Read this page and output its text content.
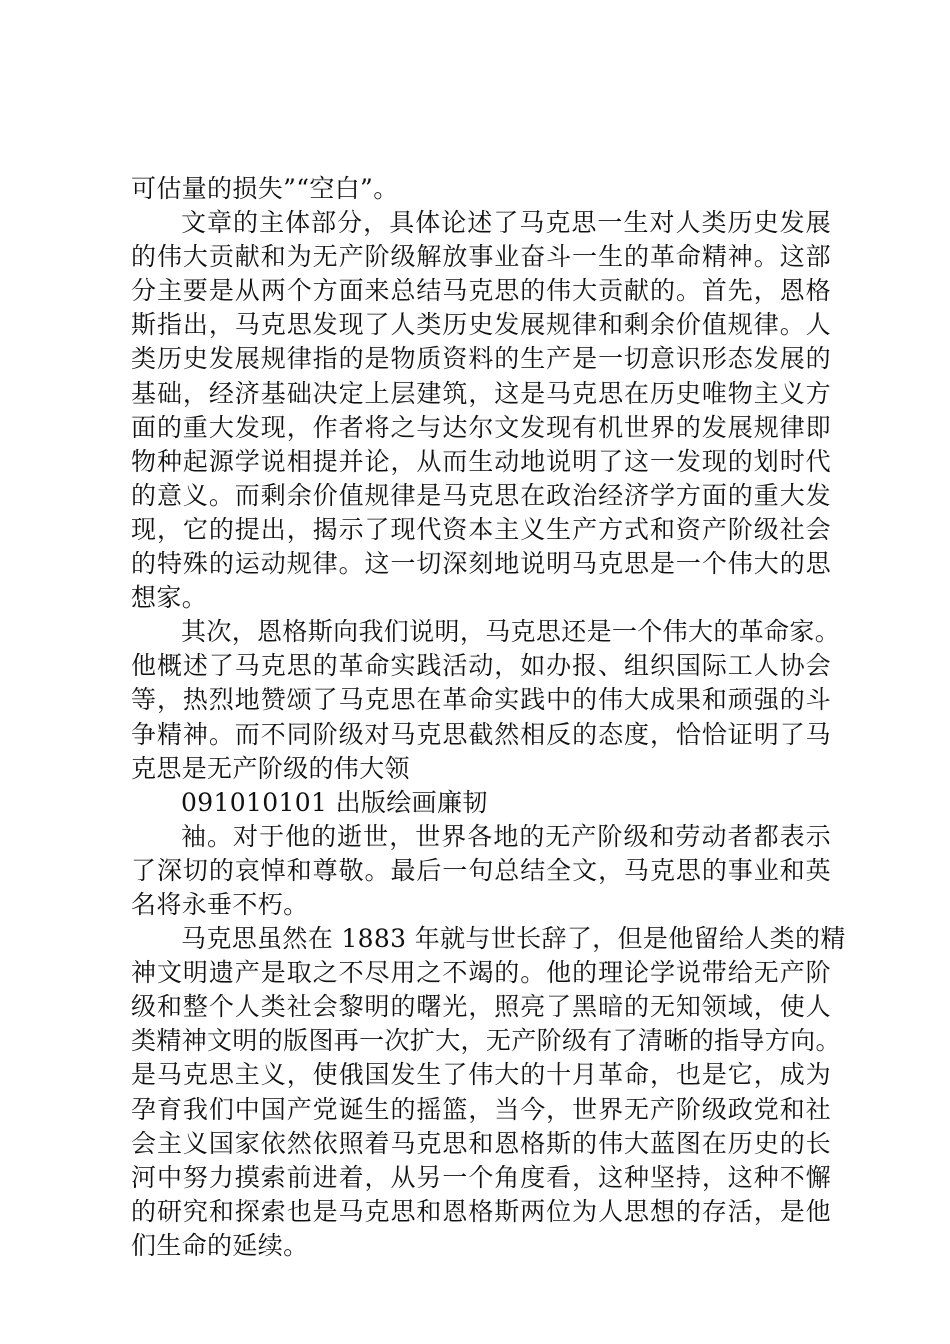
可估量的损失”“空白”。
文章的主体部分，具体论述了马克思一生对人类历史发展
的伟大贡献和为无产阶级解放事业奋斗一生的革命精神。这部
分主要是从两个方面来总结马克思的伟大贡献的。首先，恩格
斯指出，马克思发现了人类历史发展规律和剩余价值规律。人
类历史发展规律指的是物质资料的生产是一切意识形态发展的
基础，经济基础决定上层建筑，这是马克思在历史唯物主义方
面的重大发现，作者将之与达尔文发现有机世界的发展规律即
物种起源学说相提并论，从而生动地说明了这一发现的划时代
的意义。而剩余价值规律是马克思在政治经济学方面的重大发
现，它的提出，揭示了现代资本主义生产方式和资产阶级社会
的特殊的运动规律。这一切深刻地说明马克思是一个伟大的思
想家。
其次，恩格斯向我们说明，马克思还是一个伟大的革命家。
他概述了马克思的革命实践活动，如办报、组织国际工人协会
等，热烈地赞颂了马克思在革命实践中的伟大成果和顽强的斗
争精神。而不同阶级对马克思截然相反的态度，恰恰证明了马
克思是无产阶级的伟大领
091010101 出版绘画廉韧
袖。对于他的逝世，世界各地的无产阶级和劳动者都表示
了深切的哀悼和尊敬。最后一句总结全文，马克思的事业和英
名将永垂不朽。
马克思虽然在 1883 年就与世长辞了，但是他留给人类的精
神文明遗产是取之不尽用之不竭的。他的理论学说带给无产阶
级和整个人类社会黎明的曙光，照亮了黑暗的无知领域，使人
类精神文明的版图再一次扩大，无产阶级有了清晰的指导方向。
是马克思主义，使俄国发生了伟大的十月革命，也是它，成为
孕育我们中国产党诞生的摇篮，当今，世界无产阶级政党和社
会主义国家依然依照着马克思和恩格斯的伟大蓝图在历史的长
河中努力摸索前进着，从另一个角度看，这种坚持，这种不懈
的研究和探索也是马克思和恩格斯两位为人思想的存活，是他
们生命的延续。
